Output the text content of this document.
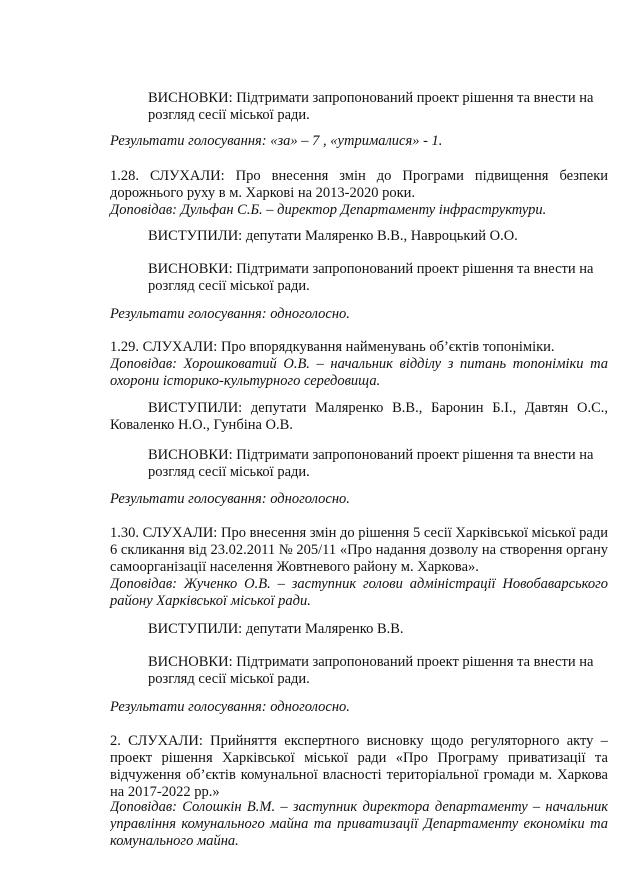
ВИСНОВКИ: Підтримати запропонований проект рішення та внести на
розгляд сесії міської ради.
Результати голосування: «за» – 7 , «утрималися» - 1.
1.28. СЛУХАЛИ: Про внесення змін до Програми підвищення безпеки
дорожнього руху в м. Харкові на 2013-2020 роки.
Доповідав: Дульфан С.Б. – директор Департаменту інфраструктури.
ВИСТУПИЛИ: депутати Маляренко В.В., Навроцький О.О.
ВИСНОВКИ: Підтримати запропонований проект рішення та внести на
розгляд сесії міської ради.
Результати голосування: одноголосно.
1.29. СЛУХАЛИ: Про впорядкування найменувань об’єктів топоніміки.
Доповідав: Хорошковатий О.В. – начальник відділу з питань топоніміки та
охорони історико-культурного середовища.
ВИСТУПИЛИ: депутати Маляренко В.В., Баронин Б.І., Давтян О.С.,
Коваленко Н.О., Гунбіна О.В.
ВИСНОВКИ: Підтримати запропонований проект рішення та внести на
розгляд сесії міської ради.
Результати голосування: одноголосно.
1.30. СЛУХАЛИ: Про внесення змін до рішення 5 сесії Харківської міської ради
6 скликання від 23.02.2011 № 205/11 «Про надання дозволу на створення органу
самоорганізації населення Жовтневого району м. Харкова».
Доповідав: Жученко О.В. – заступник голови адміністрації Новобаварського
району Харківської міської ради.
ВИСТУПИЛИ: депутати Маляренко В.В.
ВИСНОВКИ: Підтримати запропонований проект рішення та внести на
розгляд сесії міської ради.
Результати голосування: одноголосно.
2. СЛУХАЛИ: Прийняття експертного висновку щодо регуляторного акту –
проект рішення Харківської міської ради «Про Програму приватизації та
відчуження об’єктів комунальної власності територіальної громади м. Харкова
на 2017-2022 рр.»
Доповідав: Солошкін В.М. – заступник директора департаменту – начальник
управління комунального майна та приватизації Департаменту економіки та
комунального майна.
